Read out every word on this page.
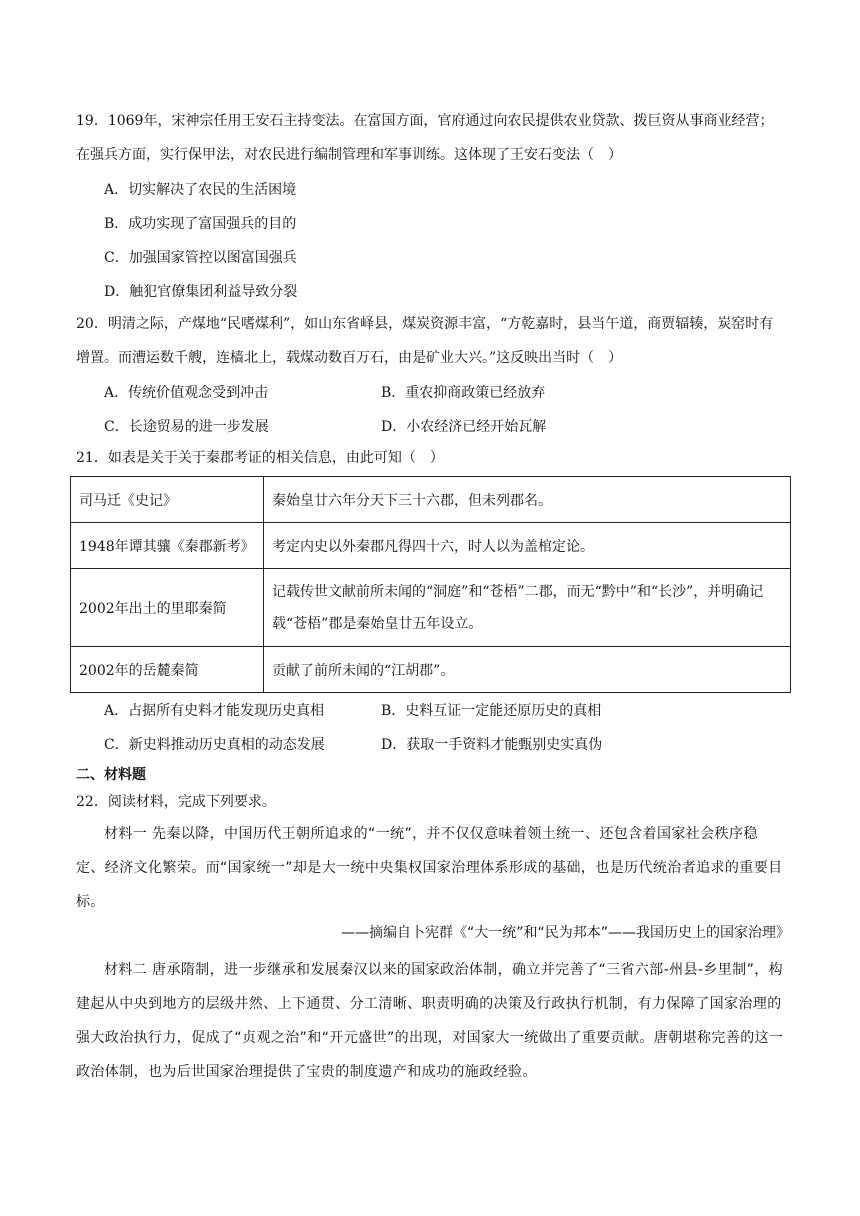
19．1069年，宋神宗任用王安石主持变法。在富国方面，官府通过向农民提供农业贷款、拨巨资从事商业经营；在强兵方面，实行保甲法，对农民进行编制管理和军事训练。这体现了王安石变法（　）
A．切实解决了农民的生活困境
B．成功实现了富国强兵的目的
C．加强国家管控以图富国强兵
D．触犯官僚集团利益导致分裂
20．明清之际，产煤地“民嗜煤利”，如山东省峄县，煤炭资源丰富，“方乾嘉时，县当午道，商贾辐辏，炭窑时有增置。而漕运数千艘，连樯北上，载煤动数百万石，由是矿业大兴。”这反映出当时（　）
A．传统价值观念受到冲击	B．重农抑商政策已经放弃
C．长途贸易的进一步发展	D．小农经济已经开始瓦解
21．如表是关于关于秦郡考证的相关信息，由此可知（　）
司马迁《史记》	秦始皇廿六年分天下三十六郡，但未列郡名。
1948年谭其骧《秦郡新考》	考定内史以外秦郡凡得四十六，时人以为盖棺定论。
2002年出土的里耶秦简	记载传世文献前所未闻的“洞庭”和“苍梧”二郡，而无“黔中”和“长沙”，并明确记载“苍梧”郡是秦始皇廿五年设立。
2002年的岳麓秦简	贡献了前所未闻的“江胡郡”。
A．占据所有史料才能发现历史真相	B．史料互证一定能还原历史的真相
C．新史料推动历史真相的动态发展	D．获取一手资料才能甄别史实真伪
二、材料题
22．阅读材料，完成下列要求。
材料一 先秦以降，中国历代王朝所追求的“一统”，并不仅仅意味着领土统一、还包含着国家社会秩序稳定、经济文化繁荣。而“国家统一”却是大一统中央集权国家治理体系形成的基础，也是历代统治者追求的重要目标。
——摘编自卜宪群《“大一统”和“民为邦本”——我国历史上的国家治理》
材料二 唐承隋制，进一步继承和发展秦汉以来的国家政治体制，确立并完善了“三省六部-州县-乡里制”，构建起从中央到地方的层级井然、上下通贯、分工清晰、职责明确的决策及行政执行机制，有力保障了国家治理的强大政治执行力，促成了“贞观之治”和“开元盛世”的出现，对国家大一统做出了重要贡献。唐朝堪称完善的这一政治体制，也为后世国家治理提供了宝贵的制度遗产和成功的施政经验。
